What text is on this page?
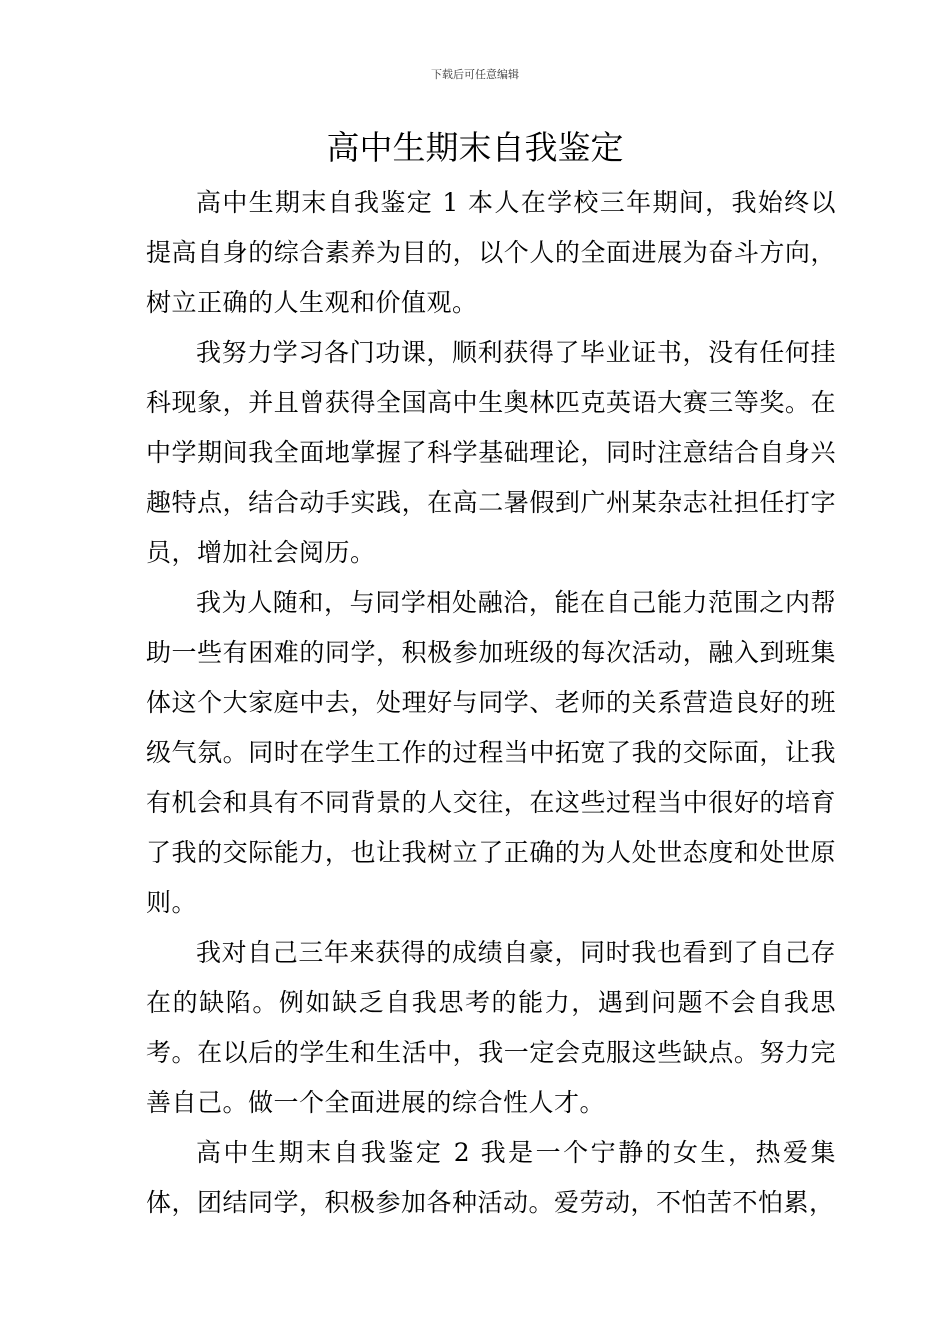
下载后可任意编辑
高中生期末自我鉴定

高中生期末自我鉴定 1 本人在学校三年期间，我始终以提高自身的综合素养为目的，以个人的全面进展为奋斗方向，树立正确的人生观和价值观。

我努力学习各门功课，顺利获得了毕业证书，没有任何挂科现象，并且曾获得全国高中生奥林匹克英语大赛三等奖。在中学期间我全面地掌握了科学基础理论，同时注意结合自身兴趣特点，结合动手实践，在高二暑假到广州某杂志社担任打字员，增加社会阅历。

我为人随和，与同学相处融洽，能在自己能力范围之内帮助一些有困难的同学，积极参加班级的每次活动，融入到班集体这个大家庭中去，处理好与同学、老师的关系营造良好的班级气氛。同时在学生工作的过程当中拓宽了我的交际面，让我有机会和具有不同背景的人交往，在这些过程当中很好的培育了我的交际能力，也让我树立了正确的为人处世态度和处世原则。

我对自己三年来获得的成绩自豪，同时我也看到了自己存在的缺陷。例如缺乏自我思考的能力，遇到问题不会自我思考。在以后的学生和生活中，我一定会克服这些缺点。努力完善自己。做一个全面进展的综合性人才。

高中生期末自我鉴定 2 我是一个宁静的女生，热爱集体，团结同学，积极参加各种活动。爱劳动，不怕苦不怕累，
